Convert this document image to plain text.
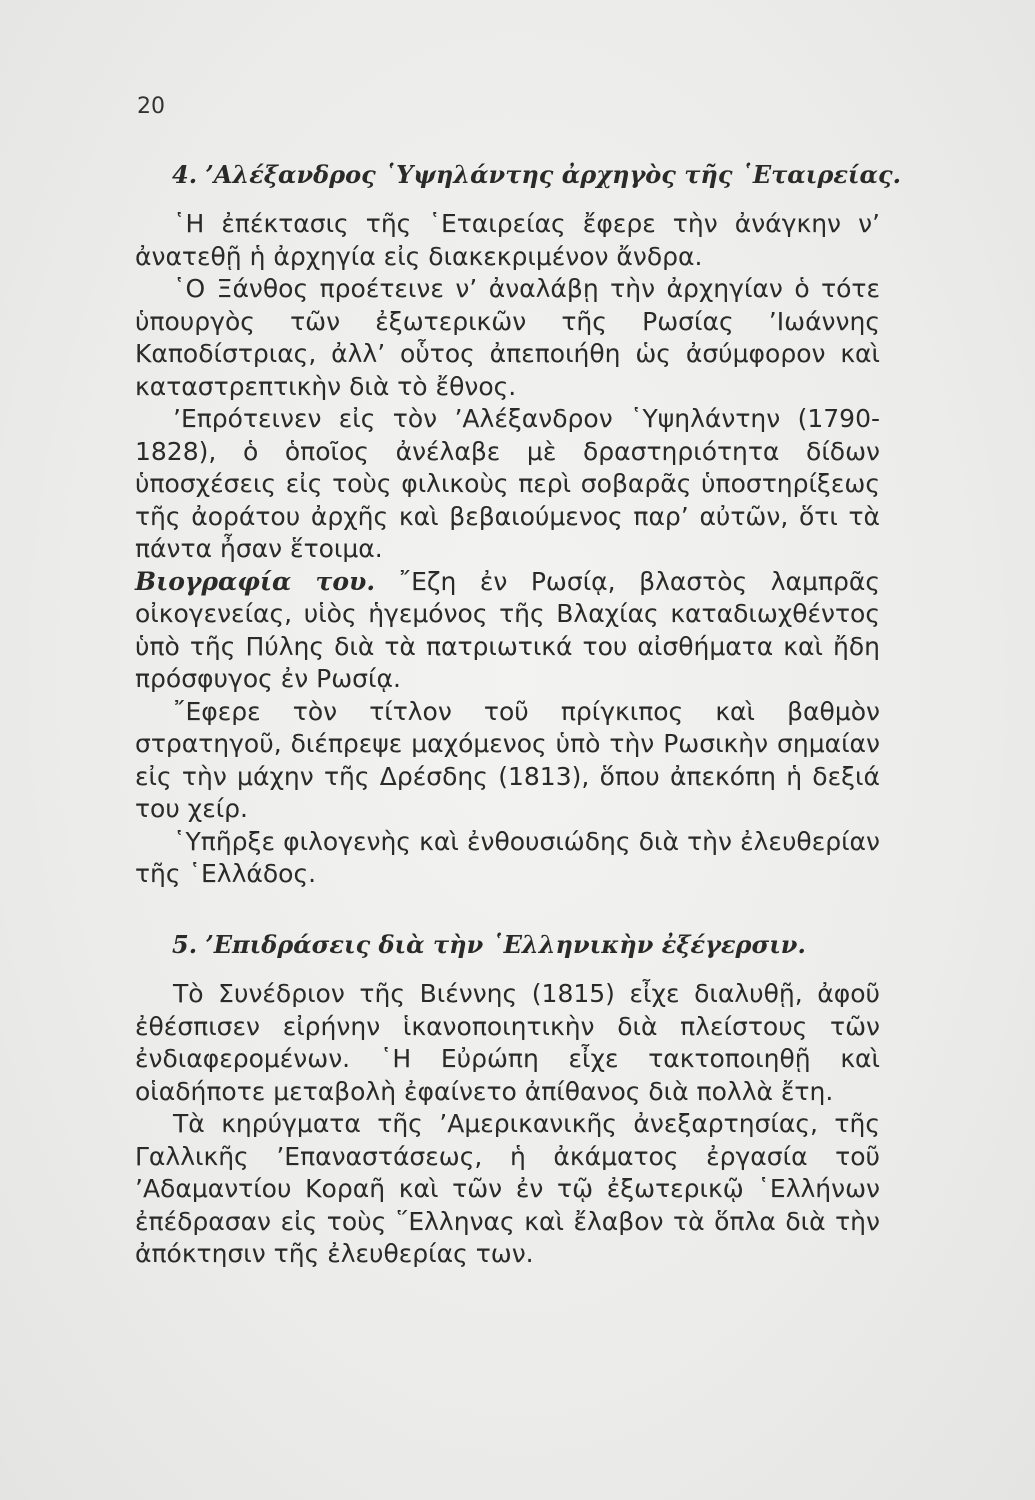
20
4. ’Αλέξανδρος ῾Υψηλάντης ἀρχηγὸς τῆς ῾Εταιρείας.

῾Η ἐπέκτασις τῆς ῾Εταιρείας ἔφερε τὴν ἀνάγκην ν’ ἀνατεθῇ ἡ ἀρχηγία εἰς διακεκριμένον ἄνδρα.

῾Ο Ξάνθος προέτεινε ν’ ἀναλάβῃ τὴν ἀρχηγίαν ὁ τότε ὑπουργὸς τῶν ἐξωτερικῶν τῆς Ρωσίας ’Ιωάννης Καποδίστριας, ἀλλ’ οὗτος ἀπεποιήθη ὡς ἀσύμφορον καὶ καταστρεπτικὴν διὰ τὸ ἔθνος.

’Επρότεινεν εἰς τὸν ’Αλέξανδρον ῾Υψηλάντην (1790-1828), ὁ ὁποῖος ἀνέλαβε μὲ δραστηριότητα δίδων ὑποσχέσεις εἰς τοὺς φιλικοὺς περὶ σοβαρᾶς ὑποστηρίξεως τῆς ἀοράτου ἀρχῆς καὶ βεβαιούμενος παρ’ αὐτῶν, ὅτι τὰ πάντα ἦσαν ἕτοιμα.

Βιογραφία του. ῎Εζη ἐν Ρωσίᾳ, βλαστὸς λαμπρᾶς οἰκογενείας, υἱὸς ἡγεμόνος τῆς Βλαχίας καταδιωχθέντος ὑπὸ τῆς Πύλης διὰ τὰ πατριωτικά του αἰσθήματα καὶ ἤδη πρόσφυγος ἐν Ρωσίᾳ.

῎Εφερε τὸν τίτλον τοῦ πρίγκιπος καὶ βαθμὸν στρατηγοῦ, διέπρεψε μαχόμενος ὑπὸ τὴν Ρωσικὴν σημαίαν εἰς τὴν μάχην τῆς Δρέσδης (1813), ὅπου ἀπεκόπη ἡ δεξιά του χείρ.

῾Υπῆρξε φιλογενὴς καὶ ἐνθουσιώδης διὰ τὴν ἐλευθερίαν τῆς ῾Ελλάδος.

5. ’Επιδράσεις διὰ τὴν ῾Ελληνικὴν ἐξέγερσιν.

Τὸ Συνέδριον τῆς Βιέννης (1815) εἶχε διαλυθῇ, ἀφοῦ ἐθέσπισεν εἰρήνην ἱκανοποιητικὴν διὰ πλείστους τῶν ἐνδιαφερομένων. ῾Η Εὐρώπη εἶχε τακτοποιηθῇ καὶ οἱαδήποτε μεταβολὴ ἐφαίνετο ἀπίθανος διὰ πολλὰ ἔτη.

Τὰ κηρύγματα τῆς ’Αμερικανικῆς ἀνεξαρτησίας, τῆς Γαλλικῆς ’Επαναστάσεως, ἡ ἀκάματος ἐργασία τοῦ ’Αδαμαντίου Κοραῆ καὶ τῶν ἐν τῷ ἐξωτερικῷ ῾Ελλήνων ἐπέδρασαν εἰς τοὺς ῞Ελληνας καὶ ἔλαβον τὰ ὅπλα διὰ τὴν ἀπόκτησιν τῆς ἐλευθερίας των.
